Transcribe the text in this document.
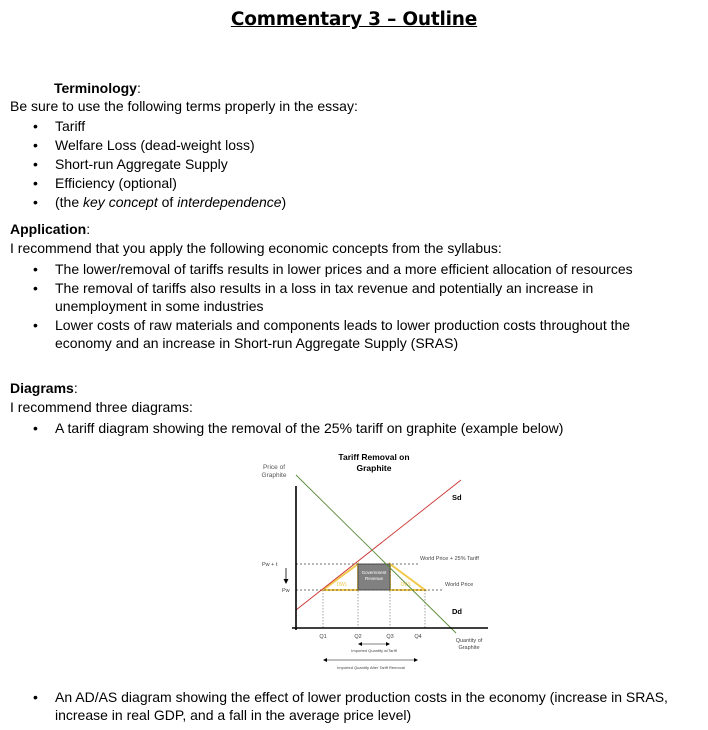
Commentary 3 – Outline
Terminology:
Be sure to use the following terms properly in the essay:
• Tariff
• Welfare Loss (dead-weight loss)
• Short-run Aggregate Supply
• Efficiency (optional)
• (the key concept of interdependence)
Application:
I recommend that you apply the following economic concepts from the syllabus:
• The lower/removal of tariffs results in lower prices and a more efficient allocation of resources
• The removal of tariffs also results in a loss in tax revenue and potentially an increase in
unemployment in some industries
• Lower costs of raw materials and components leads to lower production costs throughout the
economy and an increase in Short-run Aggregate Supply (SRAS)
Diagrams:
I recommend three diagrams:
• A tariff diagram showing the removal of the 25% tariff on graphite (example below)
Tariff Removal on
Graphite
Price of
Graphite
DWL	DWL
Government
Revenue
Sd
Dd
World Price + 25% Tariff
World Price
Pw + t
Pw
Q1	Q2	Q3	Q4
Quantity of
Graphite
Imported Quantity w/Tariff
Imported Quantity After Tariff Removal
• An AD/AS diagram showing the effect of lower production costs in the economy (increase in SRAS,
increase in real GDP, and a fall in the average price level)
